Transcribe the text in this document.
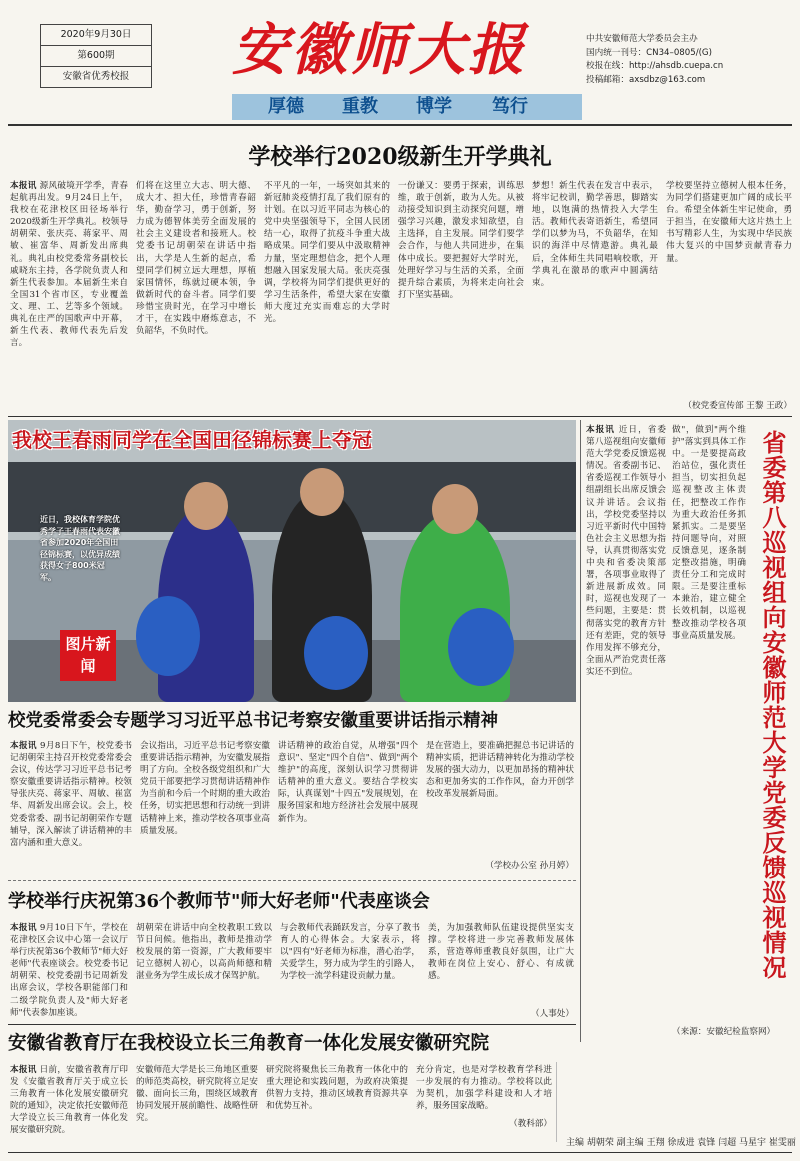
2020年9月30日
第600期
安徽省优秀校报	安徽师大报	中共安徽师范大学委员会主办
国内统一刊号：CN34–0805/(G)
校报在线：http://ahsdb.cuepa.cn
投稿邮箱：axsdbz@163.com
厚德 重教 博学 笃行
学校举行2020级新生开学典礼
本报讯 源风破境开学季，青春起航再出发。9月24日上午，我校在花津校区田径场举行2020级新生开学典礼。校领导胡朝荣、张庆亮、蒋家平、周敏、崔富华、周新发出席典礼。典礼由校党委常务副校长戚晓东主持，各学院负责人和新生代表参加。本届新生来自全国31个省市区，专业覆盖文、理、工、艺等多个领域。典礼在庄严的国歌声中开幕，新生代表、教师代表先后发言。
们将在这里立大志、明大德、成大才、担大任，珍惜青春韶华，勤奋学习，勇于创新，努力成为德智体美劳全面发展的社会主义建设者和接班人。校党委书记胡朝荣在讲话中指出，大学是人生新的起点，希望同学们树立远大理想，厚植家国情怀，练就过硬本领，争做新时代的奋斗者。同学们要珍惜宝贵时光，在学习中增长才干，在实践中磨炼意志，不负韶华，不负时代。
不平凡的一年，一场突如其来的新冠肺炎疫情打乱了我们原有的计划。在以习近平同志为核心的党中央坚强领导下，全国人民团结一心，取得了抗疫斗争重大战略成果。同学们要从中汲取精神力量，坚定理想信念，把个人理想融入国家发展大局。张庆亮强调，学校将为同学们提供更好的学习生活条件，希望大家在安徽师大度过充实而难忘的大学时光。
一份谦又：要勇于探索，训练思维，敢于创新，敢为人先。从被动接受知识到主动探究问题，增强学习兴趣，激发求知欲望，自主选择，自主发展。同学们要学会合作，与他人共同进步，在集体中成长。要把握好大学时光，处理好学习与生活的关系，全面提升综合素质，为将来走向社会打下坚实基础。
梦想！新生代表在发言中表示，将牢记校训，勤学善思，脚踏实地，以饱满的热情投入大学生活。教师代表寄语新生，希望同学们以梦为马，不负韶华，在知识的海洋中尽情遨游。典礼最后，全体师生共同唱响校歌，开学典礼在激昂的歌声中圆满结束。
学校要坚持立德树人根本任务，为同学们搭建更加广阔的成长平台。希望全体新生牢记使命，勇于担当，在安徽师大这片热土上书写精彩人生，为实现中华民族伟大复兴的中国梦贡献青春力量。
（校党委宣传部 王黎 王政）
我校王春雨同学在全国田径锦标赛上夺冠
近日，我校体育学院优秀学子王春雨代表安徽省参加2020年全国田径锦标赛，以优异成绩获得女子800米冠军。
图片新闻
本报讯 近日，省委第八巡视组向安徽师范大学党委反馈巡视情况。省委副书记、省委巡视工作领导小组副组长出席反馈会议并讲话。会议指出，学校党委坚持以习近平新时代中国特色社会主义思想为指导，认真贯彻落实党中央和省委决策部署，各项事业取得了新进展新成效。同时，巡视也发现了一些问题，主要是：贯彻落实党的教育方针还有差距，党的领导作用发挥不够充分，全面从严治党责任落实还不到位。
做"，做到"两个维护"落实到具体工作中。一是要提高政治站位，强化责任担当，切实担负起巡视整改主体责任，把整改工作作为重大政治任务抓紧抓实。二是要坚持问题导向，对照反馈意见，逐条制定整改措施，明确责任分工和完成时限。三是要注重标本兼治，建立健全长效机制，以巡视整改推动学校各项事业高质量发展。
（来源：安徽纪检监察网）
省委第八巡视组向安徽师范大学党委反馈巡视情况
校党委常委会专题学习习近平总书记考察安徽重要讲话指示精神
本报讯 9月8日下午，校党委书记胡朝荣主持召开校党委常委会会议，传达学习习近平总书记考察安徽重要讲话指示精神。校领导张庆亮、蒋家平、周敏、崔富华、周新发出席会议。会上，校党委常委、副书记胡朝荣作专题辅导，深入解读了讲话精神的丰富内涵和重大意义。
会议指出，习近平总书记考察安徽重要讲话指示精神，为安徽发展指明了方向。全校各级党组织和广大党员干部要把学习贯彻讲话精神作为当前和今后一个时期的重大政治任务，切实把思想和行动统一到讲话精神上来，推动学校各项事业高质量发展。
讲话精神的政治自觉，从增强"四个意识"、坚定"四个自信"、做到"两个维护"的高度，深刻认识学习贯彻讲话精神的重大意义。要结合学校实际，认真谋划"十四五"发展规划，在服务国家和地方经济社会发展中展现新作为。
是在营造上，要准确把握总书记讲话的精神实质，把讲话精神转化为推动学校发展的强大动力，以更加昂扬的精神状态和更加务实的工作作风，奋力开创学校改革发展新局面。
（学校办公室 孙月婷）
学校举行庆祝第36个教师节"师大好老师"代表座谈会
本报讯 9月10日下午，学校在花津校区会议中心第一会议厅举行庆祝第36个教师节"师大好老师"代表座谈会。校党委书记胡朝荣、校党委副书记周新发出席会议，学校各职能部门和二级学院负责人及"师大好老师"代表参加座谈。
胡朝荣在讲话中向全校教职工致以节日问候。他指出，教师是推动学校发展的第一资源，广大教师要牢记立德树人初心，以高尚师德和精湛业务为学生成长成才保驾护航。
与会教师代表踊跃发言，分享了教书育人的心得体会。大家表示，将以"四有"好老师为标准，潜心治学，关爱学生，努力成为学生的引路人，为学校一流学科建设贡献力量。
美，为加强教师队伍建设提供坚实支撑。学校将进一步完善教师发展体系，营造尊师重教良好氛围，让广大教师在岗位上安心、舒心、有成就感。
（人事处）
安徽省教育厅在我校设立长三角教育一体化发展安徽研究院
本报讯 日前，安徽省教育厅印发《安徽省教育厅关于成立长三角教育一体化发展安徽研究院的通知》，决定依托安徽师范大学设立长三角教育一体化发展安徽研究院。
安徽师范大学是长三角地区重要的师范类高校，研究院将立足安徽、面向长三角，围绕区域教育协同发展开展前瞻性、战略性研究。
研究院将聚焦长三角教育一体化中的重大理论和实践问题，为政府决策提供智力支持，推动区域教育资源共享和优势互补。
充分肯定，也是对学校教育学科进一步发展的有力推动。学校将以此为契机，加强学科建设和人才培养，服务国家战略。
（教科部）
主编 胡朝荣 副主编 王翔 徐成进 袁锋 闫超 马星宇 崔雯丽
